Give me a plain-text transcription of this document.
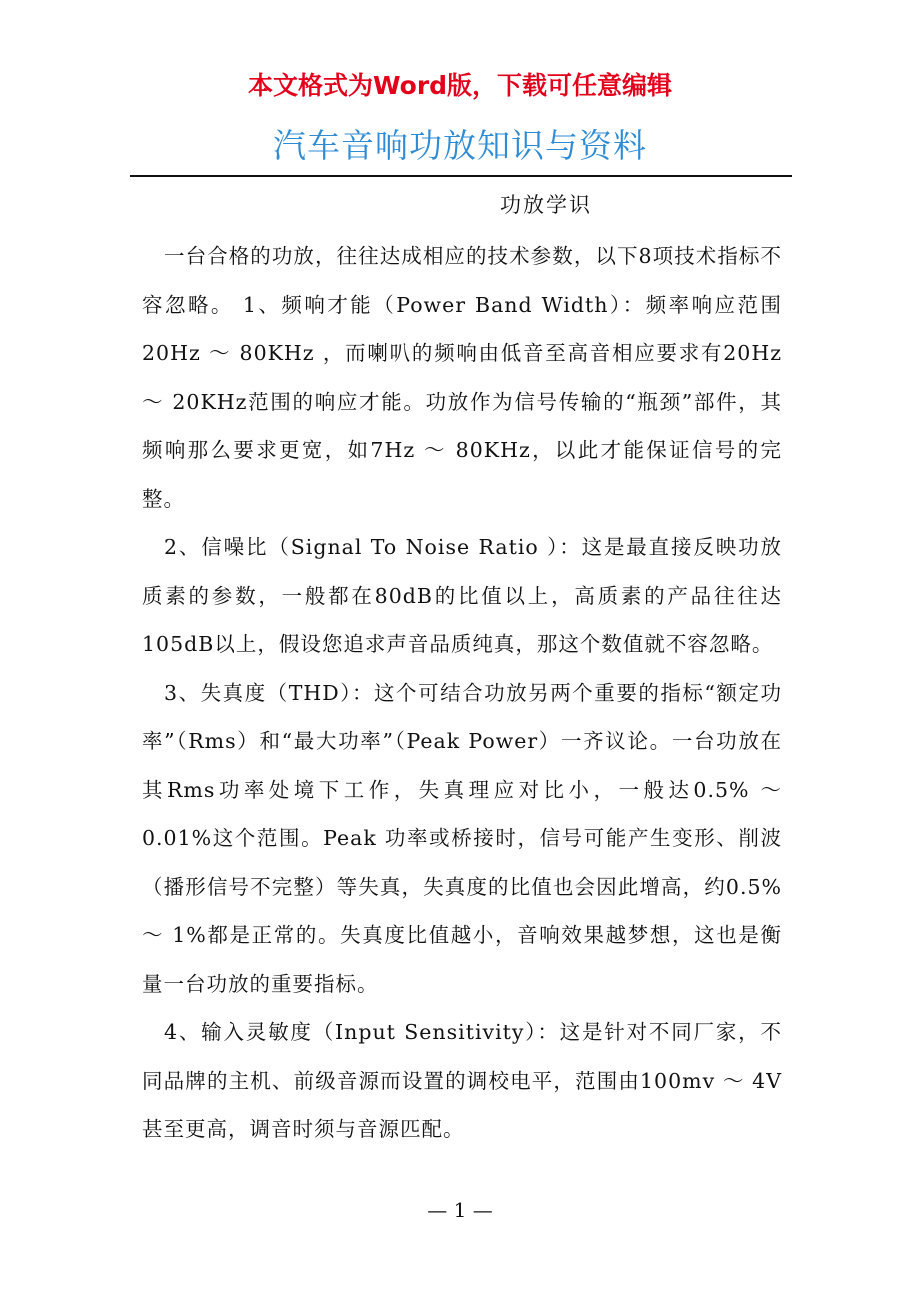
本文格式为Word版，下载可任意编辑
汽车音响功放知识与资料
功放学识

一台合格的功放，往往达成相应的技术参数，以下8项技术指标不容忽略。 1、频响才能（Power Band Width）：频率响应范围20Hz ～ 80KHz ，而喇叭的频响由低音至高音相应要求有20Hz ～ 20KHz范围的响应才能。功放作为信号传输的“瓶颈”部件，其频响那么要求更宽，如7Hz ～ 80KHz，以此才能保证信号的完整。

2、信噪比（Signal To Noise Ratio ）：这是最直接反映功放质素的参数，一般都在80dB的比值以上，高质素的产品往往达105dB以上，假设您追求声音品质纯真，那这个数值就不容忽略。

3、失真度（THD）：这个可结合功放另两个重要的指标“额定功率”（Rms）和“最大功率”（Peak Power）一齐议论。一台功放在其Rms功率处境下工作，失真理应对比小，一般达0.5% ～ 0.01%这个范围。Peak 功率或桥接时，信号可能产生变形、削波（播形信号不完整）等失真，失真度的比值也会因此增高，约0.5% ～ 1%都是正常的。失真度比值越小，音响效果越梦想，这也是衡量一台功放的重要指标。

4、输入灵敏度（Input Sensitivity）：这是针对不同厂家，不同品牌的主机、前级音源而设置的调校电平，范围由100mv ～ 4V甚至更高，调音时须与音源匹配。

— 1 —
